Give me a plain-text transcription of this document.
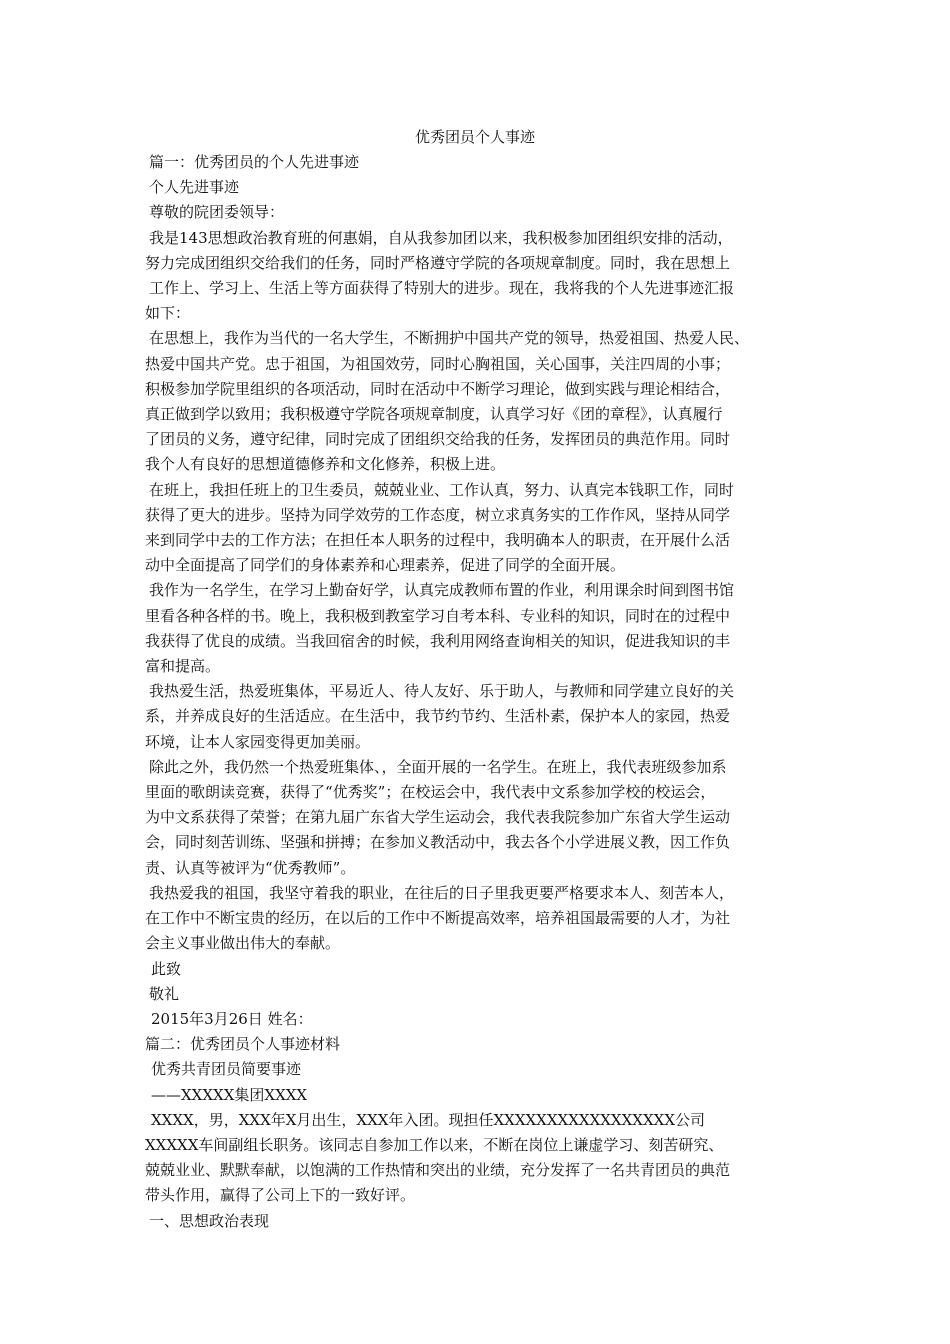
优秀团员个人事迹

篇一：优秀团员的个人先进事迹

个人先进事迹

尊敬的院团委领导：

我是143思想政治教育班的何惠娟，自从我参加团以来，我积极参加团组织安排的活动，

努力完成团组织交给我们的任务，同时严格遵守学院的各项规章制度。同时，我在思想上

工作上、学习上、生活上等方面获得了特别大的进步。现在，我将我的个人先进事迹汇报

如下：

在思想上，我作为当代的一名大学生，不断拥护中国共产党的领导，热爱祖国、热爱人民、

热爱中国共产党。忠于祖国，为祖国效劳，同时心胸祖国，关心国事，关注四周的小事；

积极参加学院里组织的各项活动，同时在活动中不断学习理论，做到实践与理论相结合，

真正做到学以致用；我积极遵守学院各项规章制度，认真学习好《团的章程》，认真履行

了团员的义务，遵守纪律，同时完成了团组织交给我的任务，发挥团员的典范作用。同时

我个人有良好的思想道德修养和文化修养，积极上进。

在班上，我担任班上的卫生委员，兢兢业业、工作认真，努力、认真完本钱职工作，同时

获得了更大的进步。坚持为同学效劳的工作态度，树立求真务实的工作作风，坚持从同学

来到同学中去的工作方法；在担任本人职务的过程中，我明确本人的职责，在开展什么活

动中全面提高了同学们的身体素养和心理素养，促进了同学的全面开展。

我作为一名学生，在学习上勤奋好学，认真完成教师布置的作业，利用课余时间到图书馆

里看各种各样的书。晚上，我积极到教室学习自考本科、专业科的知识，同时在的过程中

我获得了优良的成绩。当我回宿舍的时候，我利用网络查询相关的知识，促进我知识的丰

富和提高。

我热爱生活，热爱班集体，平易近人、待人友好、乐于助人，与教师和同学建立良好的关

系，并养成良好的生活适应。在生活中，我节约节约、生活朴素，保护本人的家园，热爱

环境，让本人家园变得更加美丽。

除此之外，我仍然一个热爱班集体、，全面开展的一名学生。在班上，我代表班级参加系

里面的歌朗读竞赛，获得了“优秀奖”；在校运会中，我代表中文系参加学校的校运会，

为中文系获得了荣誉；在第九届广东省大学生运动会，我代表我院参加广东省大学生运动

会，同时刻苦训练、坚强和拼搏；在参加义教活动中，我去各个小学进展义教，因工作负

责、认真等被评为“优秀教师”。

我热爱我的祖国，我坚守着我的职业，在往后的日子里我更要严格要求本人、刻苦本人，

在工作中不断宝贵的经历，在以后的工作中不断提高效率，培养祖国最需要的人才，为社

会主义事业做出伟大的奉献。

此致

敬礼

2015年3月26日 姓名：

篇二：优秀团员个人事迹材料

优秀共青团员简要事迹

——XXXXX集团XXXX

XXXX，男，XXX年X月出生，XXX年入团。现担任XXXXXXXXXXXXXXXXX公司

XXXXX车间副组长职务。该同志自参加工作以来，不断在岗位上谦虚学习、刻苦研究、

兢兢业业、默默奉献，以饱满的工作热情和突出的业绩，充分发挥了一名共青团员的典范

带头作用，赢得了公司上下的一致好评。

一、思想政治表现
